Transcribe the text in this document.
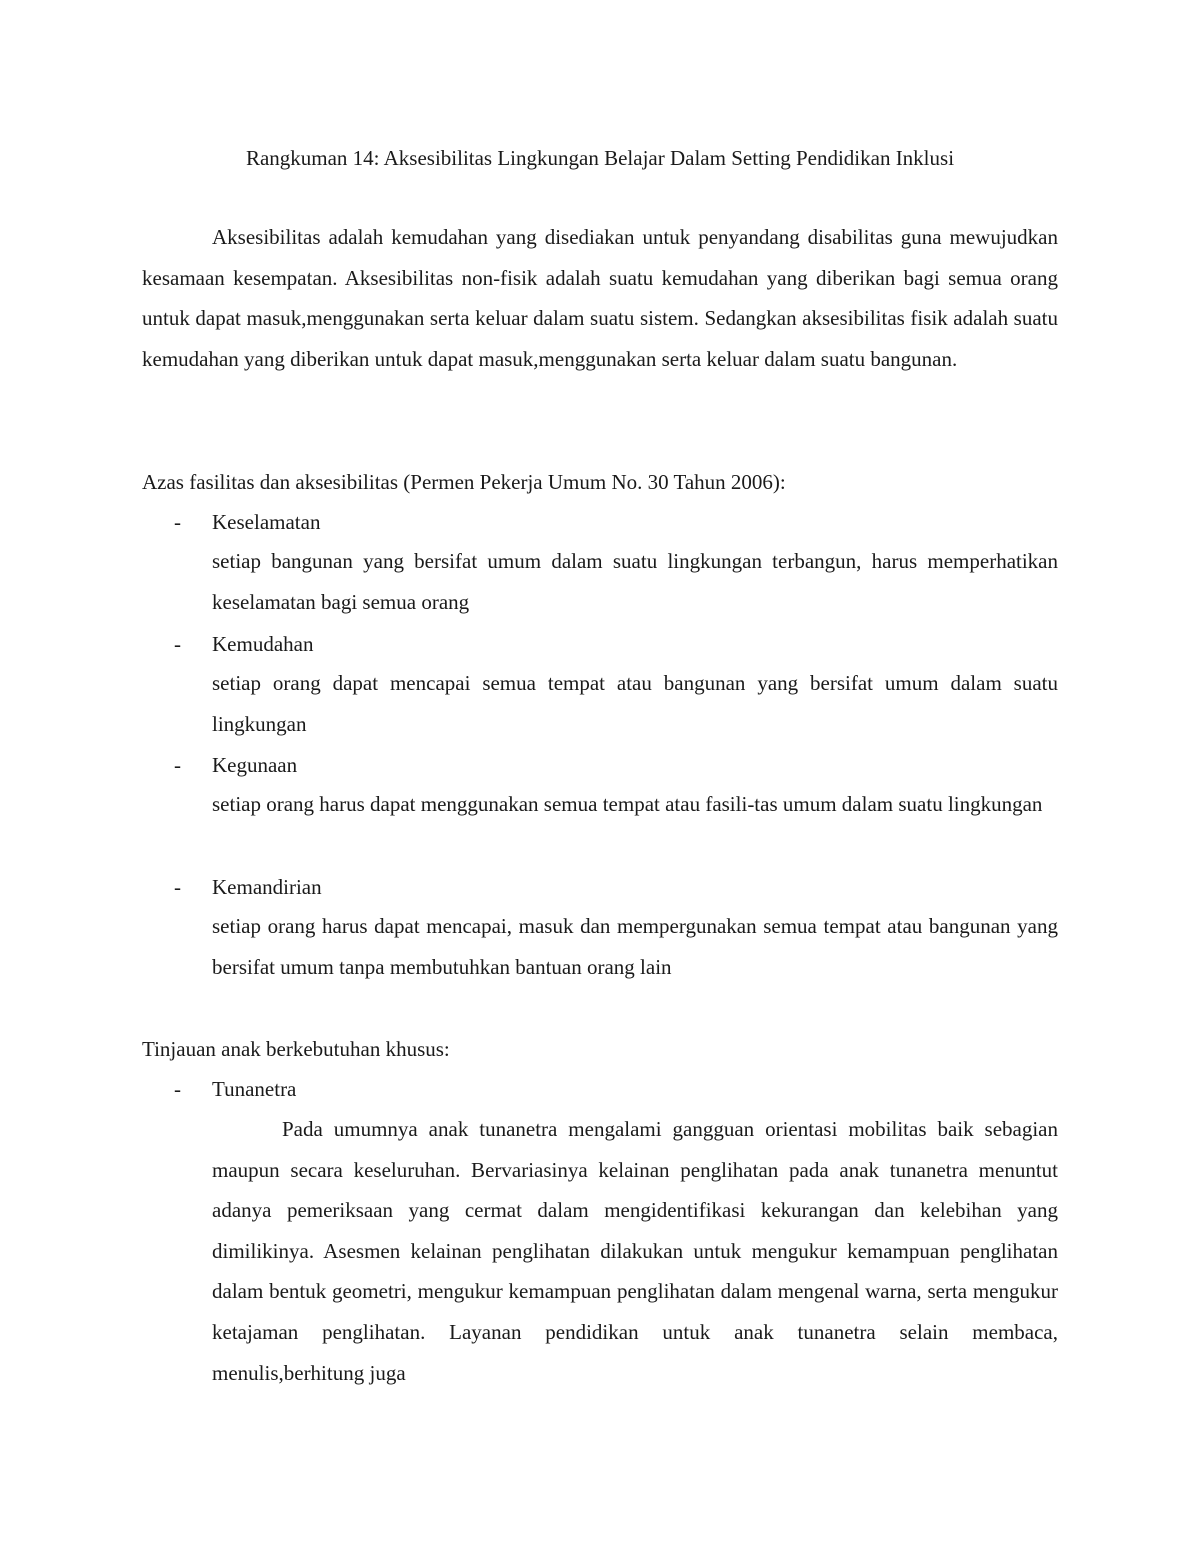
Rangkuman 14: Aksesibilitas Lingkungan Belajar Dalam Setting Pendidikan Inklusi

Aksesibilitas adalah kemudahan yang disediakan untuk penyandang disabilitas guna mewujudkan kesamaan kesempatan. Aksesibilitas non-fisik adalah suatu kemudahan yang diberikan bagi semua orang untuk dapat masuk,menggunakan serta keluar dalam suatu sistem. Sedangkan aksesibilitas fisik adalah suatu kemudahan yang diberikan untuk dapat masuk,menggunakan serta keluar dalam suatu bangunan.

Azas fasilitas dan aksesibilitas (Permen Pekerja Umum No. 30 Tahun 2006):
- Keselamatan

setiap bangunan yang bersifat umum dalam suatu lingkungan terbangun, harus memperhatikan keselamatan bagi semua orang

- Kemudahan

setiap orang dapat mencapai semua tempat atau bangunan yang bersifat umum dalam suatu lingkungan

- Kegunaan

setiap orang harus dapat menggunakan semua tempat atau fasili-tas umum dalam suatu lingkungan

- Kemandirian

setiap orang harus dapat mencapai, masuk dan mempergunakan semua tempat atau bangunan yang bersifat umum tanpa membutuhkan bantuan orang lain

Tinjauan anak berkebutuhan khusus:
- Tunanetra

Pada umumnya anak tunanetra mengalami gangguan orientasi mobilitas baik sebagian maupun secara keseluruhan. Bervariasinya kelainan penglihatan pada anak tunanetra menuntut adanya pemeriksaan yang cermat dalam mengidentifikasi kekurangan dan kelebihan yang dimilikinya. Asesmen kelainan penglihatan dilakukan untuk mengukur kemampuan penglihatan dalam bentuk geometri, mengukur kemampuan penglihatan dalam mengenal warna, serta mengukur ketajaman penglihatan. Layanan pendidikan untuk anak tunanetra selain membaca, menulis,berhitung juga
